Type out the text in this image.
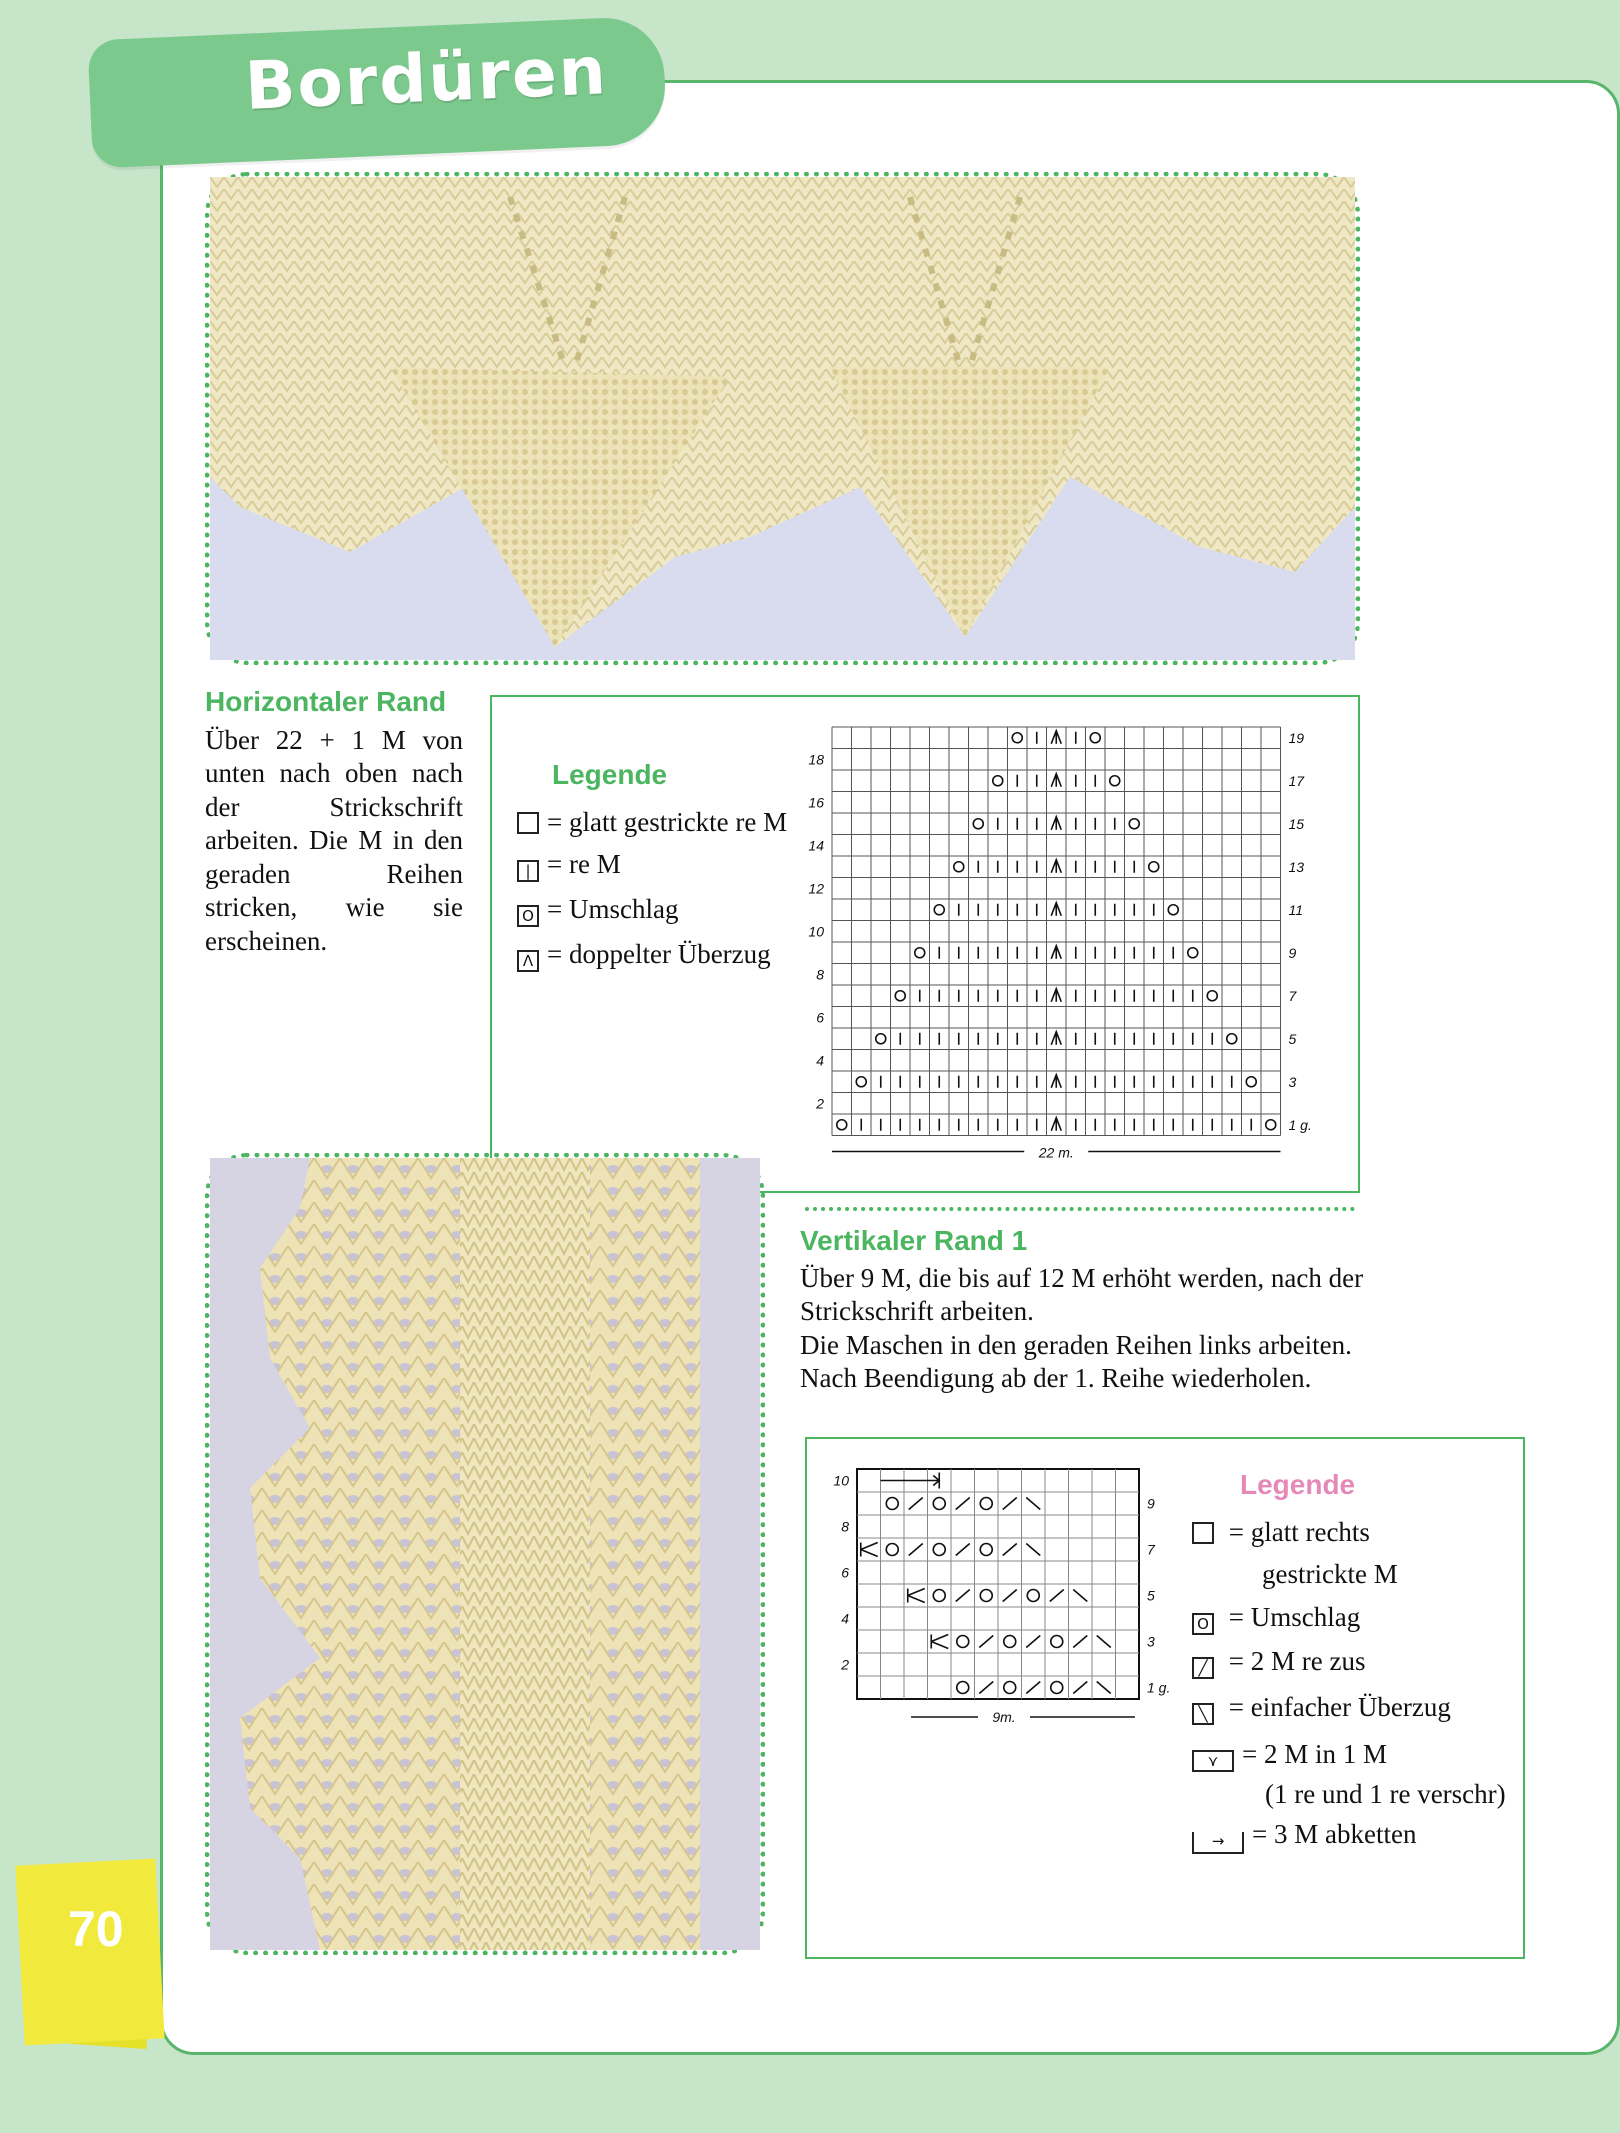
Bordüren
Horizontaler Rand
Über 22 + 1 M von unten nach oben nach der Strickschrift arbeiten. Die M in den geraden Reihen stricken, wie sie erscheinen.
Legende
= glatt gestrickte re M
| = re M
O = Umschlag
Λ = doppelter Überzug
18
16
14
12
10
8
6
4
2
19
17
15
13
11
9
7
5
3
1 g.
22 m.
Vertikaler Rand 1
Über 9 M, die bis auf 12 M erhöht werden, nach der
Strickschrift arbeiten.
Die Maschen in den geraden Reihen links arbeiten.
Nach Beendigung ab der 1. Reihe wiederholen.
10
8
6
4
2
9
7
5
3
1 g.
9m.
Legende
= glatt rechts
gestrickte M
O = Umschlag
╱ = 2 M re zus
╲ = einfacher Überzug
⋎ = 2 M in 1 M
(1 re und 1 re verschr)
→ = 3 M abketten
70
